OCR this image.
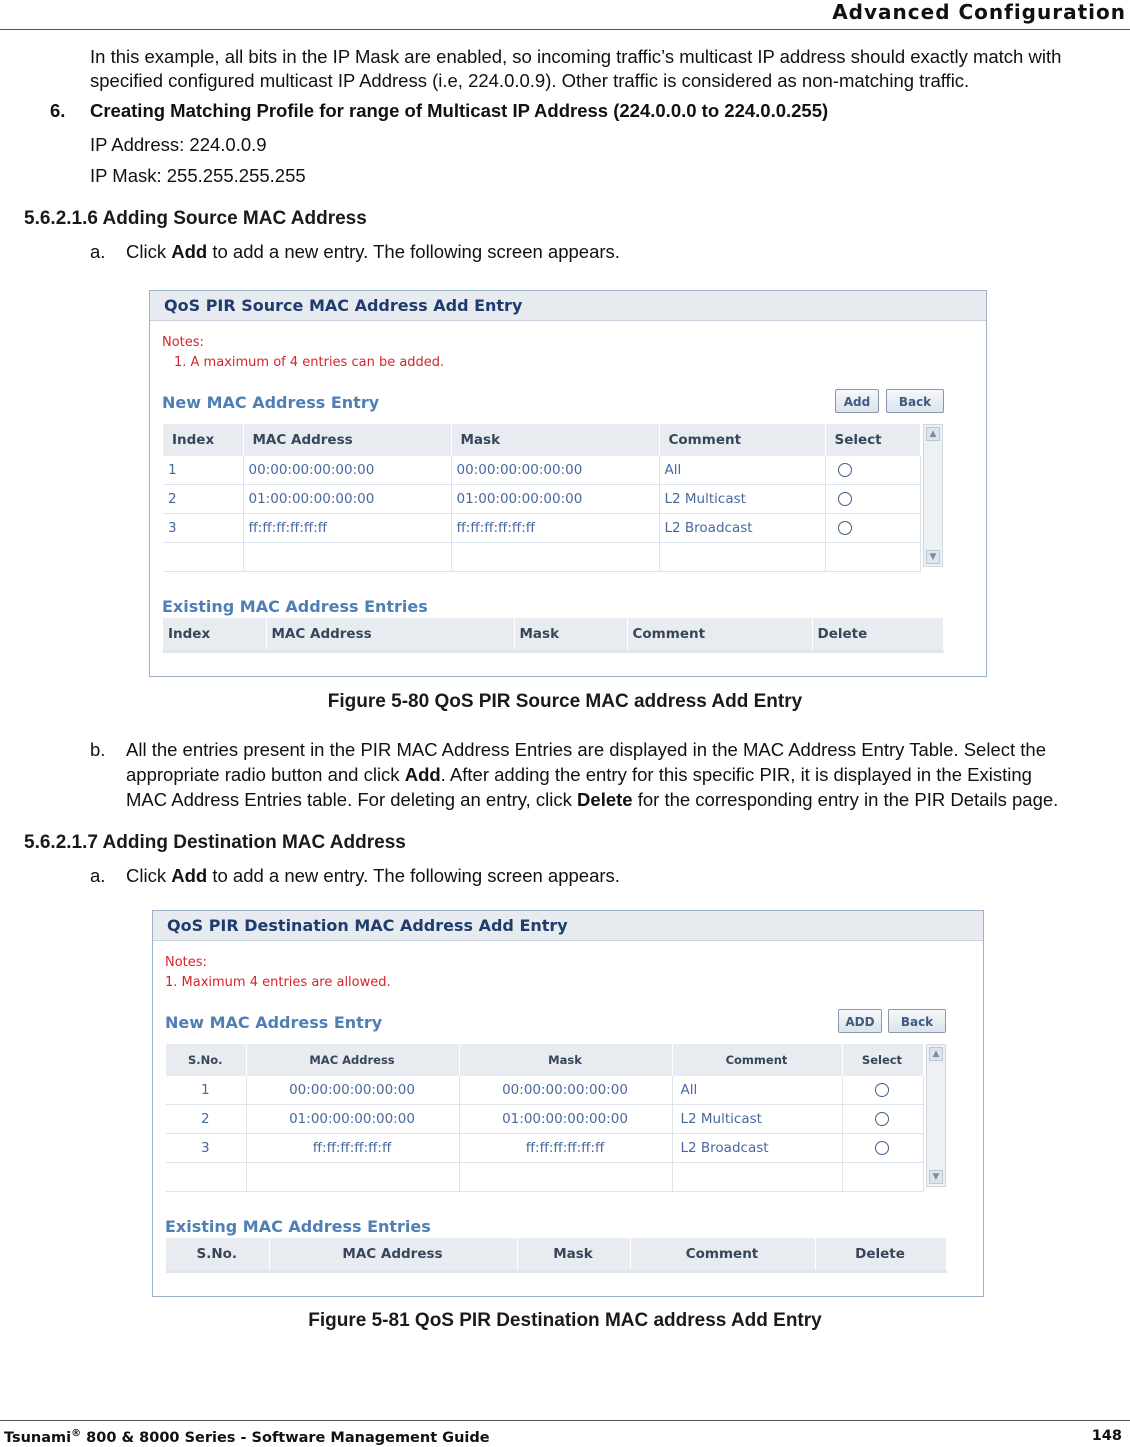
Advanced Configuration
In this example, all bits in the IP Mask are enabled, so incoming traffic’s multicast IP address should exactly match with
specified configured multicast IP Address (i.e, 224.0.0.9). Other traffic is considered as non-matching traffic.
6. Creating Matching Profile for range of Multicast IP Address (224.0.0.0 to 224.0.0.255)
IP Address: 224.0.0.9
IP Mask: 255.255.255.255
5.6.2.1.6 Adding Source MAC Address
a. Click Add to add a new entry. The following screen appears.
QoS PIR Source MAC Address Add Entry
Notes:
1. A maximum of 4 entries can be added.
New MAC Address Entry	Add	Back
Index	MAC Address	Mask	Comment	Select
1	00:00:00:00:00:00	00:00:00:00:00:00	All	
2	01:00:00:00:00:00	01:00:00:00:00:00	L2 Multicast	
3	ff:ff:ff:ff:ff:ff	ff:ff:ff:ff:ff:ff	L2 Broadcast	

▲
▼
Existing MAC Address Entries
Index	MAC Address	Mask	Comment	Delete
Figure 5-80 QoS PIR Source MAC address Add Entry
b. All the entries present in the PIR MAC Address Entries are displayed in the MAC Address Entry Table. Select the
appropriate radio button and click Add. After adding the entry for this specific PIR, it is displayed in the Existing
MAC Address Entries table. For deleting an entry, click Delete for the corresponding entry in the PIR Details page.
5.6.2.1.7 Adding Destination MAC Address
a. Click Add to add a new entry. The following screen appears.
QoS PIR Destination MAC Address Add Entry
Notes:
1. Maximum 4 entries are allowed.
New MAC Address Entry	ADD	Back
S.No.	MAC Address	Mask	Comment	Select
1	00:00:00:00:00:00	00:00:00:00:00:00	All	
2	01:00:00:00:00:00	01:00:00:00:00:00	L2 Multicast	
3	ff:ff:ff:ff:ff:ff	ff:ff:ff:ff:ff:ff	L2 Broadcast	

▲
▼
Existing MAC Address Entries
S.No.	MAC Address	Mask	Comment	Delete
Figure 5-81 QoS PIR Destination MAC address Add Entry
Tsunami® 800 & 8000 Series - Software Management Guide	148
